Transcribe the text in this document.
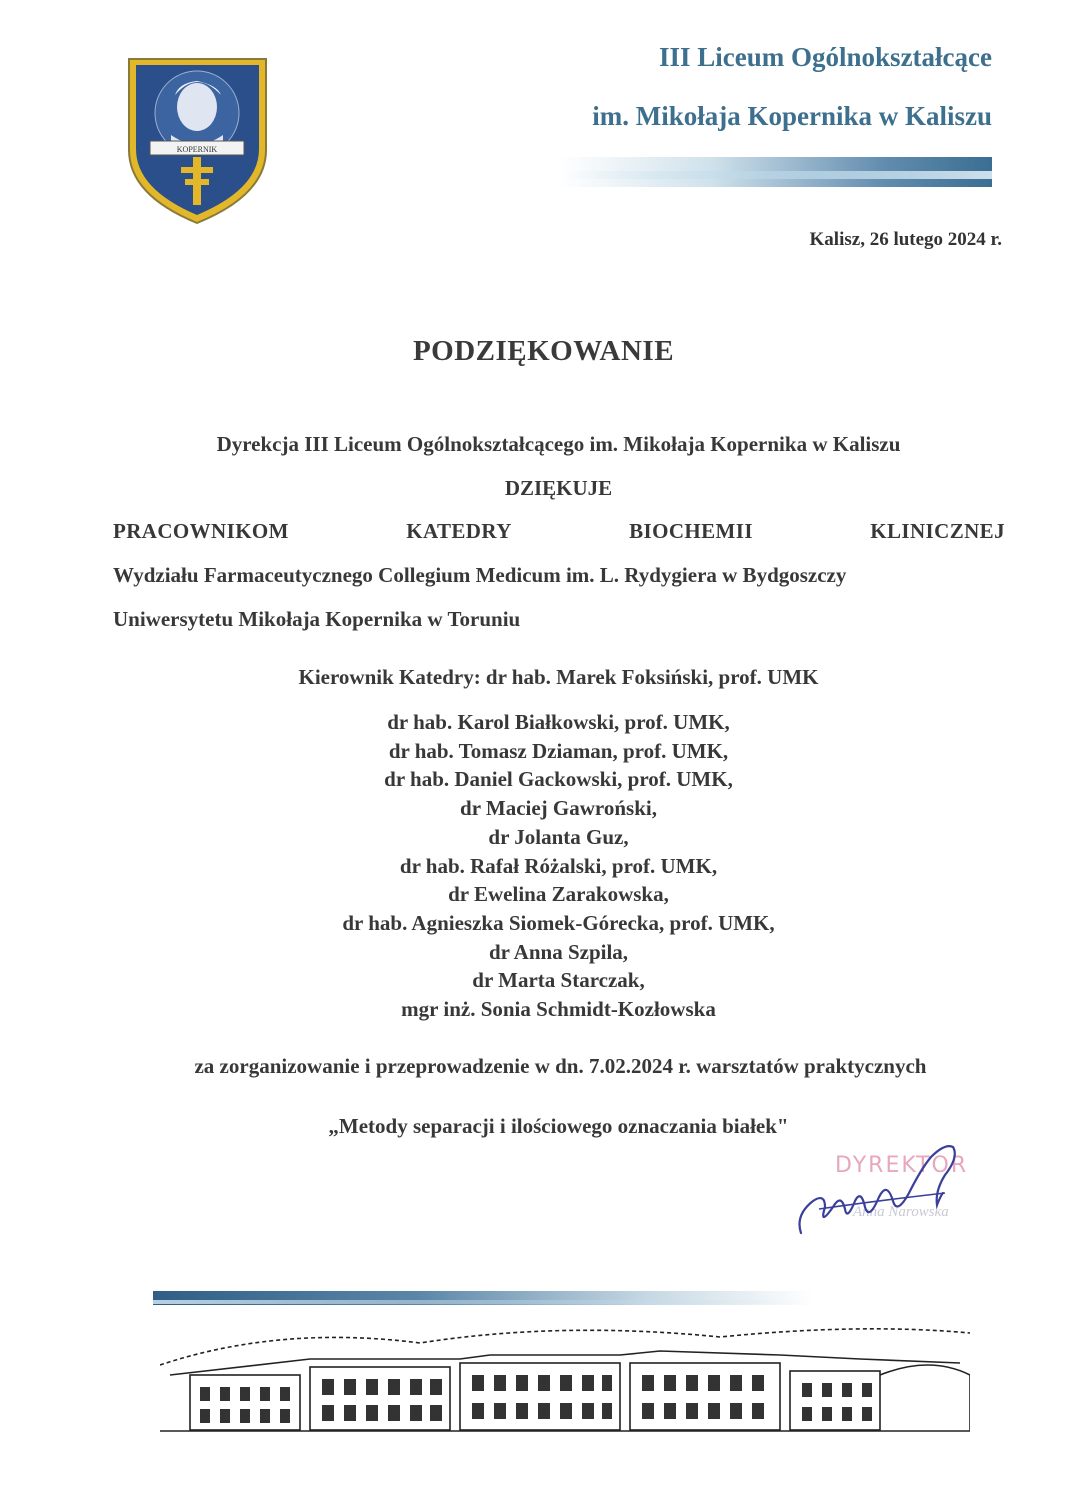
KOPERNIK
III Liceum Ogólnokształcące
im. Mikołaja Kopernika w Kaliszu
Kalisz, 26 lutego 2024 r.
PODZIĘKOWANIE
Dyrekcja III Liceum Ogólnokształcącego im. Mikołaja Kopernika w Kaliszu
DZIĘKUJE
PRACOWNIKOM	KATEDRY	BIOCHEMII	KLINICZNEJ
Wydziału Farmaceutycznego Collegium Medicum im. L. Rydygiera w Bydgoszczy
Uniwersytetu Mikołaja Kopernika w Toruniu
Kierownik Katedry: dr hab. Marek Foksiński, prof. UMK
dr hab. Karol Białkowski, prof. UMK,
dr hab. Tomasz Dziaman, prof. UMK,
dr hab. Daniel Gackowski, prof. UMK,
dr Maciej Gawroński,
dr Jolanta Guz,
dr hab. Rafał Różalski, prof. UMK,
dr Ewelina Zarakowska,
dr hab. Agnieszka Siomek-Górecka, prof. UMK,
dr Anna Szpila,
dr Marta Starczak,
mgr inż. Sonia Schmidt-Kozłowska
za zorganizowanie i przeprowadzenie w dn. 7.02.2024 r. warsztatów praktycznych
„Metody separacji i ilościowego oznaczania białek"
DYREKTOR
Anna Narowska
